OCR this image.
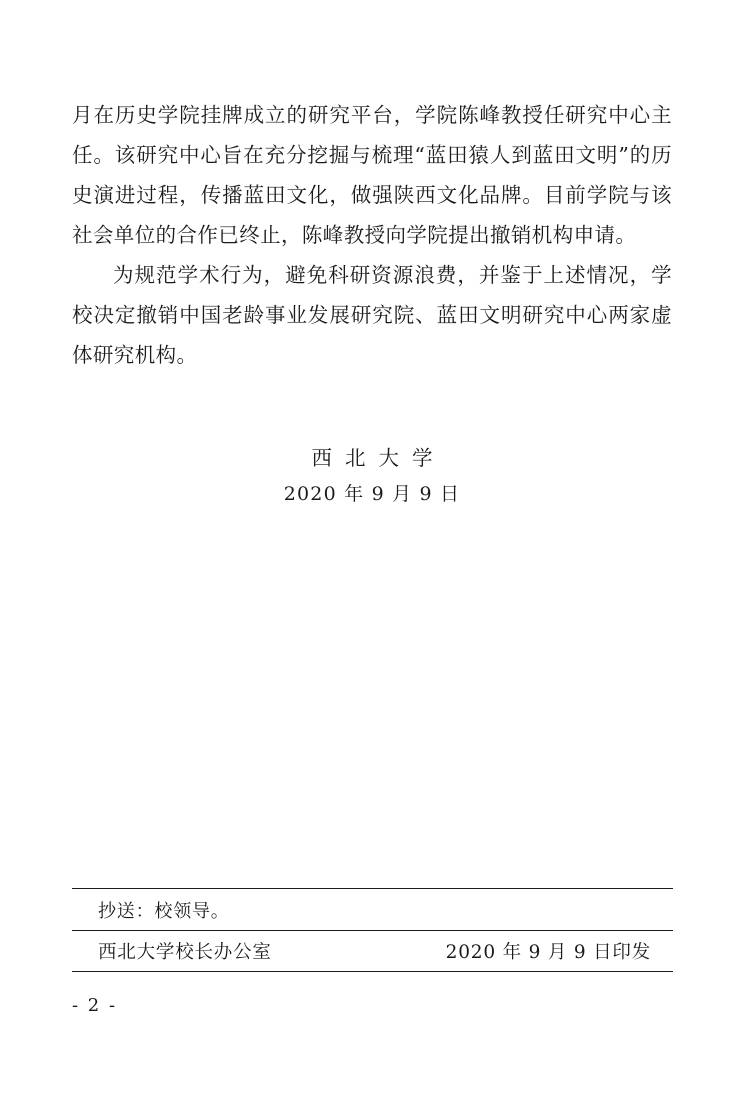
月在历史学院挂牌成立的研究平台，学院陈峰教授任研究中心主任。该研究中心旨在充分挖掘与梳理“蓝田猿人到蓝田文明”的历史演进过程，传播蓝田文化，做强陕西文化品牌。目前学院与该社会单位的合作已终止，陈峰教授向学院提出撤销机构申请。

为规范学术行为，避免科研资源浪费，并鉴于上述情况，学校决定撤销中国老龄事业发展研究院、蓝田文明研究中心两家虚体研究机构。

西北大学
2020 年 9 月 9 日
抄送：校领导。
西北大学校长办公室	2020 年 9 月 9 日印发
- 2 -
